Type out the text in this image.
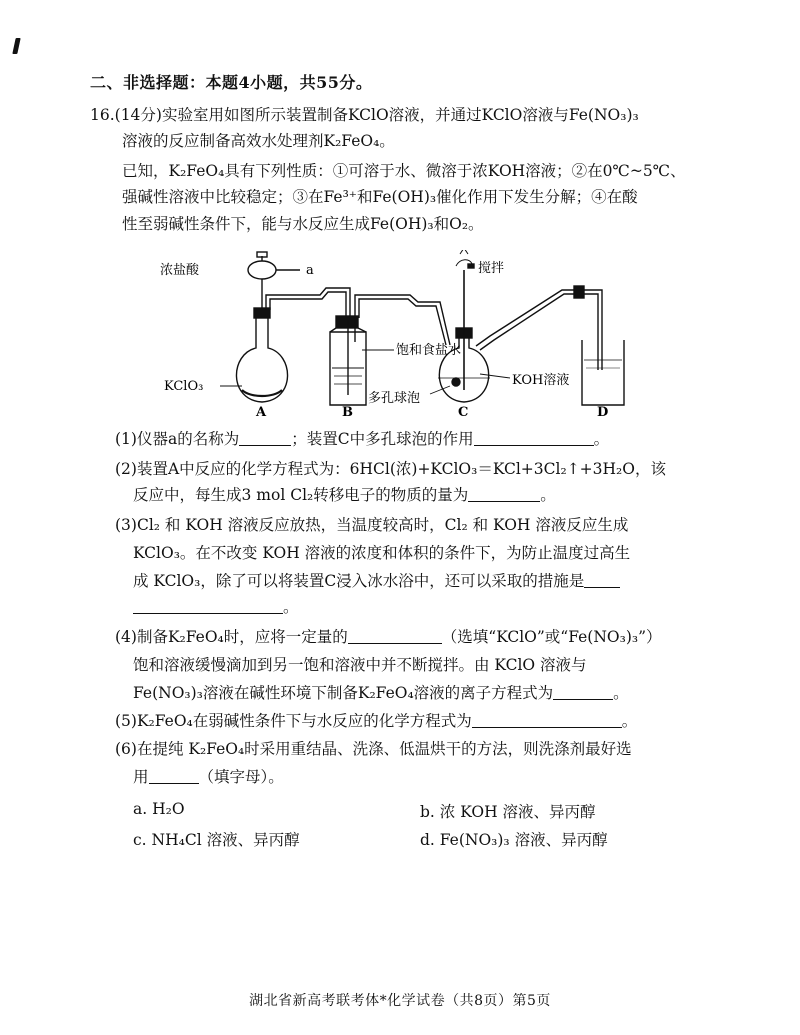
二、非选择题：本题4小题，共55分。
16.(14分)实验室用如图所示装置制备KClO溶液，并通过KClO溶液与Fe(NO₃)₃
溶液的反应制备高效水处理剂K₂FeO₄。
已知，K₂FeO₄具有下列性质：①可溶于水、微溶于浓KOH溶液；②在0℃~5℃、
强碱性溶液中比较稳定；③在Fe³⁺和Fe(OH)₃催化作用下发生分解；④在酸
性至弱碱性条件下，能与水反应生成Fe(OH)₃和O₂。
浓盐酸	a	搅拌
KClO₃
饱和食盐水
KOH溶液
多孔球泡
A	B	C	D
(1)仪器a的名称为	；装置C中多孔球泡的作用	。
(2)装置A中反应的化学方程式为：6HCl(浓)+KClO₃＝KCl+3Cl₂↑+3H₂O，该
反应中，每生成3 mol Cl₂转移电子的物质的量为	。
(3)Cl₂ 和 KOH 溶液反应放热，当温度较高时，Cl₂ 和 KOH 溶液反应生成
KClO₃。在不改变 KOH 溶液的浓度和体积的条件下，为防止温度过高生
成 KClO₃，除了可以将装置C浸入冰水浴中，还可以采取的措施是
。
(4)制备K₂FeO₄时，应将一定量的	（选填“KClO”或“Fe(NO₃)₃”）
饱和溶液缓慢滴加到另一饱和溶液中并不断搅拌。由 KClO 溶液与
Fe(NO₃)₃溶液在碱性环境下制备K₂FeO₄溶液的离子方程式为	。
(5)K₂FeO₄在弱碱性条件下与水反应的化学方程式为	。
(6)在提纯 K₂FeO₄时采用重结晶、洗涤、低温烘干的方法，则洗涤剂最好选
用	（填字母）。
a. H₂O	b. 浓 KOH 溶液、异丙醇
c. NH₄Cl 溶液、异丙醇	d. Fe(NO₃)₃ 溶液、异丙醇
湖北省新高考联考体*化学试卷（共8页）第5页
